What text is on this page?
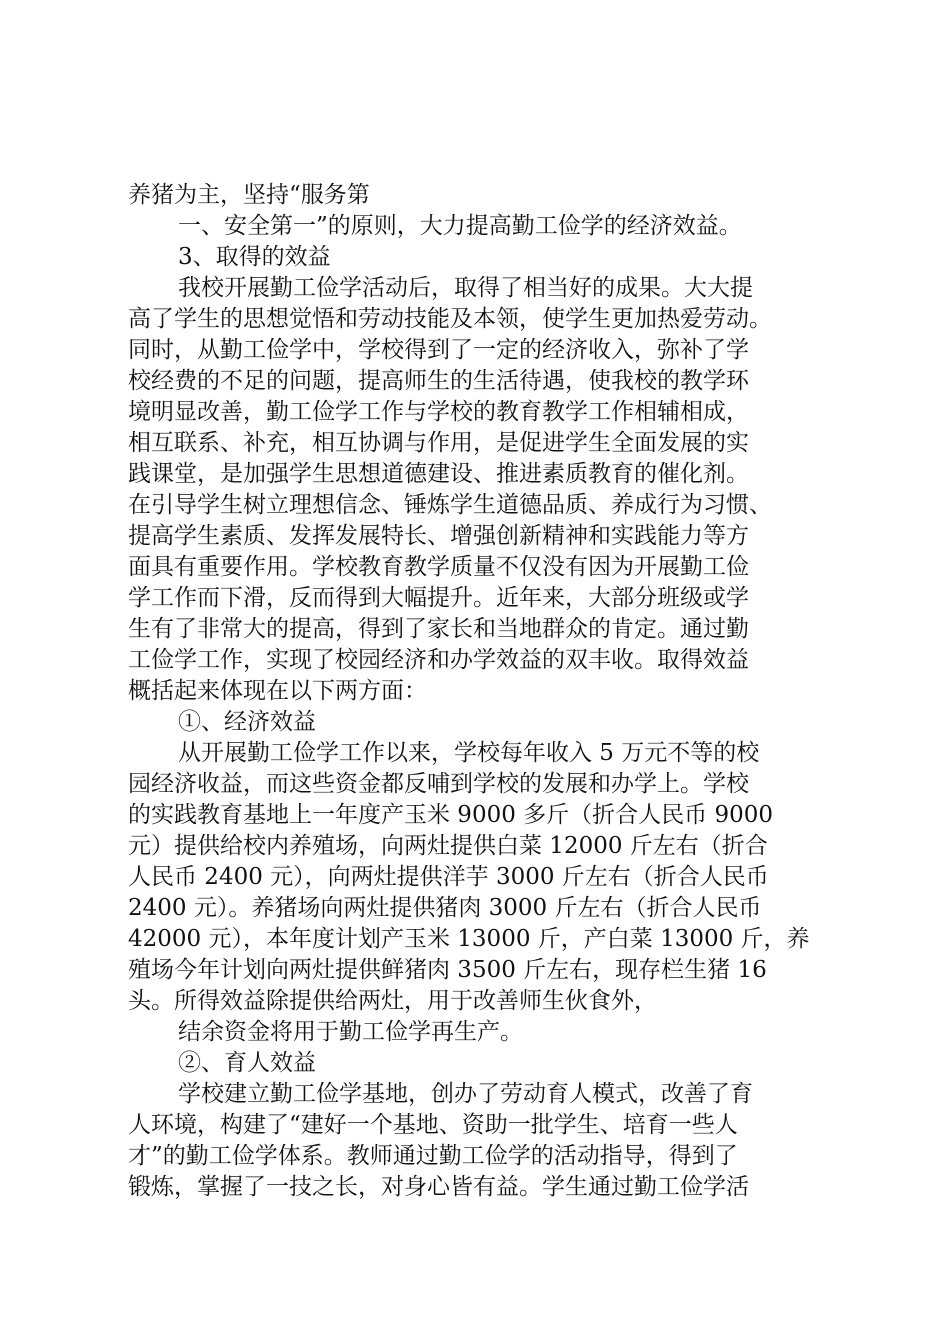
养猪为主，坚持“服务第
一、安全第一”的原则，大力提高勤工俭学的经济效益。
3、取得的效益
我校开展勤工俭学活动后，取得了相当好的成果。大大提
高了学生的思想觉悟和劳动技能及本领，使学生更加热爱劳动。
同时，从勤工俭学中，学校得到了一定的经济收入，弥补了学
校经费的不足的问题，提高师生的生活待遇，使我校的教学环
境明显改善，勤工俭学工作与学校的教育教学工作相辅相成，
相互联系、补充，相互协调与作用，是促进学生全面发展的实
践课堂，是加强学生思想道德建设、推进素质教育的催化剂。
在引导学生树立理想信念、锤炼学生道德品质、养成行为习惯、
提高学生素质、发挥发展特长、增强创新精神和实践能力等方
面具有重要作用。学校教育教学质量不仅没有因为开展勤工俭
学工作而下滑，反而得到大幅提升。近年来，大部分班级或学
生有了非常大的提高，得到了家长和当地群众的肯定。通过勤
工俭学工作，实现了校园经济和办学效益的双丰收。取得效益
概括起来体现在以下两方面：
①、经济效益
从开展勤工俭学工作以来，学校每年收入 5 万元不等的校
园经济收益，而这些资金都反哺到学校的发展和办学上。学校
的实践教育基地上一年度产玉米 9000 多斤（折合人民币 9000
元）提供给校内养殖场，向两灶提供白菜 12000 斤左右（折合
人民币 2400 元），向两灶提供洋芋 3000 斤左右（折合人民币
2400 元）。养猪场向两灶提供猪肉 3000 斤左右（折合人民币
42000 元），本年度计划产玉米 13000 斤，产白菜 13000 斤，养
殖场今年计划向两灶提供鲜猪肉 3500 斤左右，现存栏生猪 16
头。所得效益除提供给两灶，用于改善师生伙食外，
结余资金将用于勤工俭学再生产。
②、育人效益
学校建立勤工俭学基地，创办了劳动育人模式，改善了育
人环境，构建了“建好一个基地、资助一批学生、培育一些人
才”的勤工俭学体系。教师通过勤工俭学的活动指导，得到了
锻炼，掌握了一技之长，对身心皆有益。学生通过勤工俭学活
